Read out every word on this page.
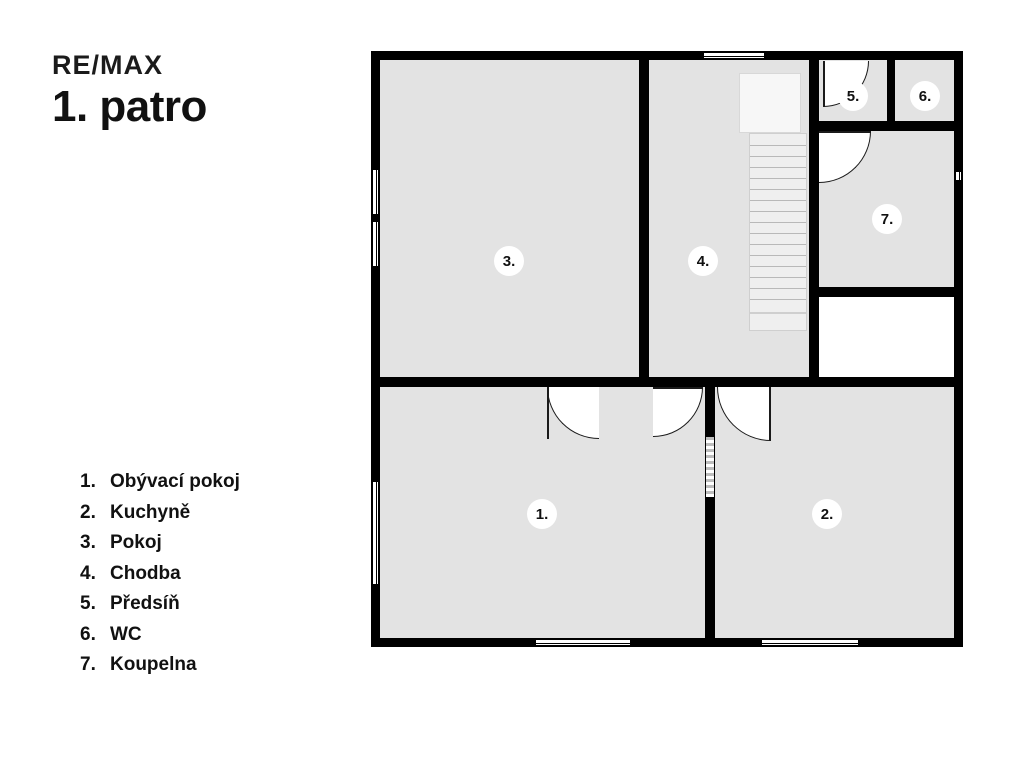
RE/MAX
1. patro
1. Obývací pokoj
2. Kuchyně
3. Pokoj
4. Chodba
5. Předsíň
6. WC
7. Koupelna
3.	4.
5.	6.
7.
1.	2.
